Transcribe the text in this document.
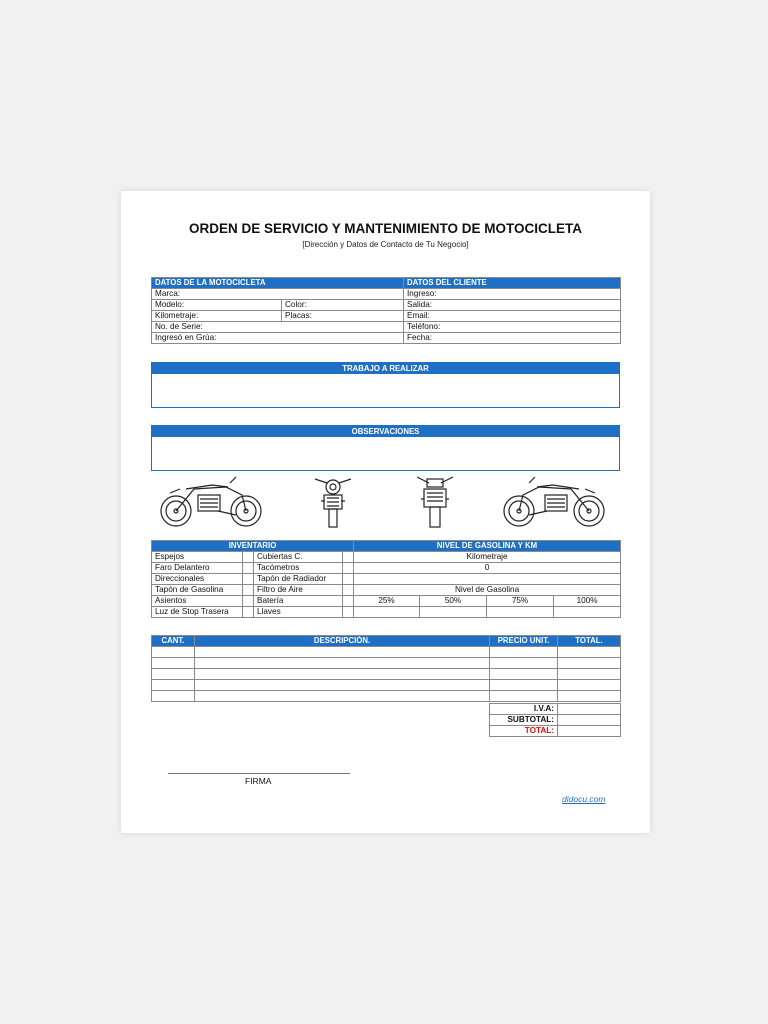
ORDEN DE SERVICIO Y MANTENIMIENTO DE MOTOCICLETA
[Dirección y Datos de Contacto de Tu Negocio]
DATOS DE LA MOTOCICLETA		DATOS DEL CLIENTE
Marca:		Ingreso:
Modelo:	Color:	Salida:
Kilometraje:	Placas:	Email:
No. de Serie:		Teléfono:
Ingresó en Grúa:		Fecha:
TRABAJO A REALIZAR
OBSERVACIONES
INVENTARIO				NIVEL DE GASOLINA Y KM			
Espejos		Cubiertas C.		Kilometraje			
Faro Delantero		Tacómetros		0			
Direccionales		Tapón de Radiador					
Tapón de Gasolina		Filtro de Aire		Nivel de Gasolina			
Asientos		Batería		25%	50%	75%	100%
Luz de Stop Trasera		Llaves					
CANT.	DESCRIPCIÓN.	PRECIO UNIT.	TOTAL.

I.V.A:	
SUBTOTAL:	
TOTAL:	
FIRMA
didocu.com
